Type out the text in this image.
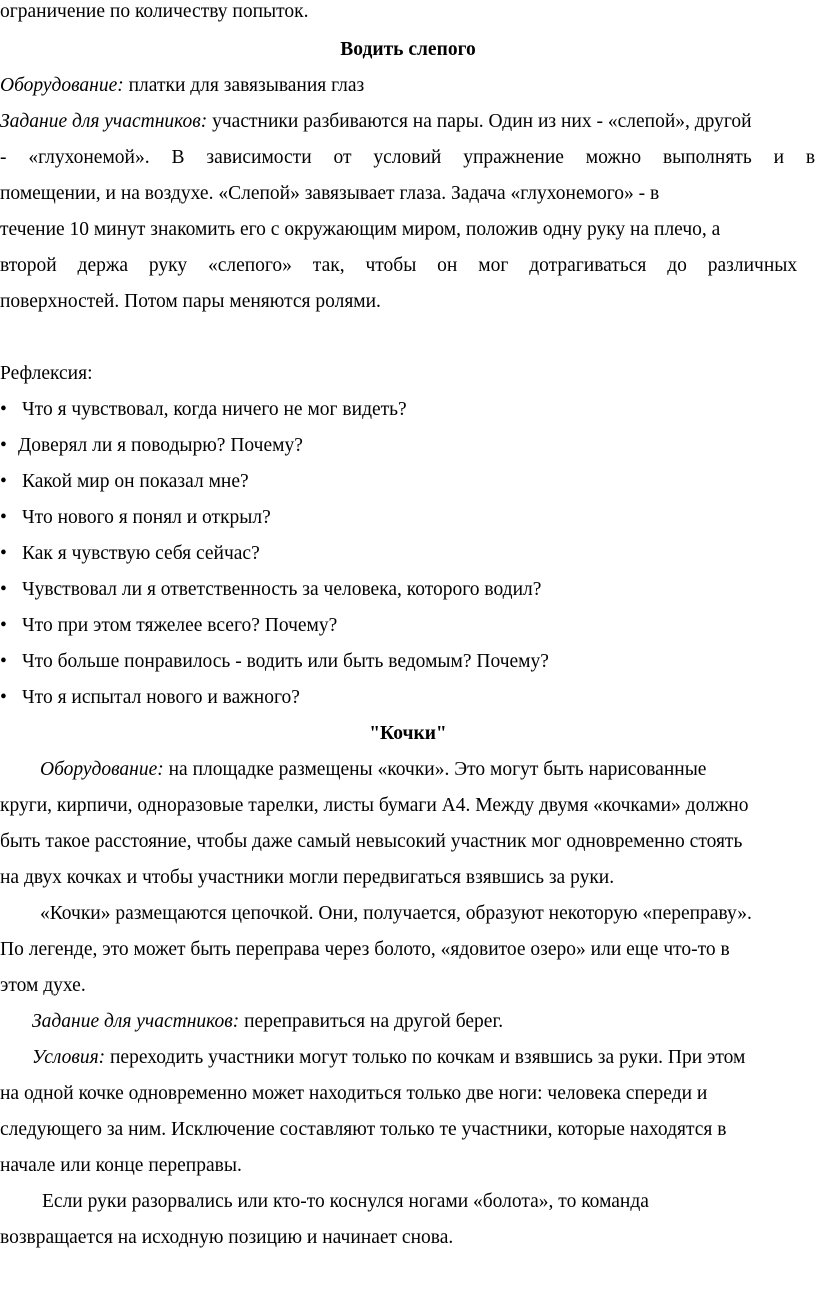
ограничение по количеству попыток.
Водить слепого
Оборудование: платки для завязывания глаз
Задание для участников: участники разбиваются на пары. Один из них - «слепой», другой
- «глухонемой». В зависимости от условий упражнение можно выполнять и в
помещении, и на воздухе. «Слепой» завязывает глаза. Задача «глухонемого» - в
течение 10 минут знакомить его с окружающим миром, положив одну руку на плечо, а
второй держа руку «слепого» так, чтобы он мог дотрагиваться до различных
поверхностей. Потом пары меняются ролями.
Рефлексия:
• Что я чувствовал, когда ничего не мог видеть?
• Доверял ли я поводырю? Почему?
• Какой мир он показал мне?
• Что нового я понял и открыл?
• Как я чувствую себя сейчас?
• Чувствовал ли я ответственность за человека, которого водил?
• Что при этом тяжелее всего? Почему?
• Что больше понравилось - водить или быть ведомым? Почему?
• Что я испытал нового и важного?
"Кочки"
Оборудование: на площадке размещены «кочки». Это могут быть нарисованные
круги, кирпичи, одноразовые тарелки, листы бумаги А4. Между двумя «кочками» должно
быть такое расстояние, чтобы даже самый невысокий участник мог одновременно стоять
на двух кочках и чтобы участники могли передвигаться взявшись за руки.
«Кочки» размещаются цепочкой. Они, получается, образуют некоторую «переправу».
По легенде, это может быть переправа через болото, «ядовитое озеро» или еще что-то в
этом духе.
Задание для участников: переправиться на другой берег.
Условия: переходить участники могут только по кочкам и взявшись за руки. При этом
на одной кочке одновременно может находиться только две ноги: человека спереди и
следующего за ним. Исключение составляют только те участники, которые находятся в
начале или конце переправы.
Если руки разорвались или кто-то коснулся ногами «болота», то команда
возвращается на исходную позицию и начинает снова.
